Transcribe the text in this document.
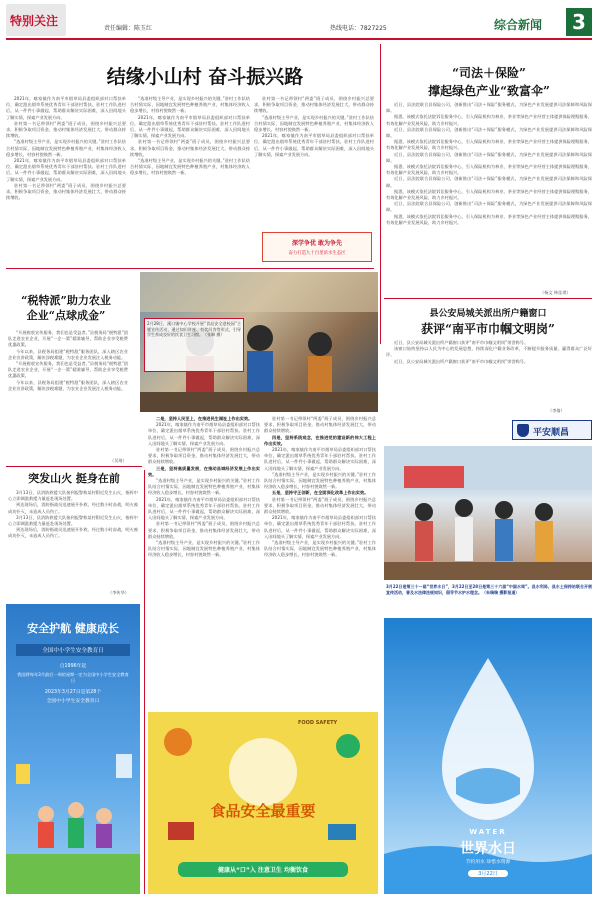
特别关注
责任编辑：陈玉红	热线电话：7827225	综合新闻	3
结缘小山村 奋斗振兴路

2021年，喀家镇作为南平市烟草局县委组织部对口帮扶单位，确定派出烟草系统优秀青年干部驻村帮扶。驻村工作队进村后，从一件件小事做起，帮助群众解决实际困难，深入田间地头了解实情，探索产业发展方向。

驻村第一书记带领村“两委”班子成员，围绕乡村振兴总要求，积极争取项目资金，推动村集体经济发展壮大，带动群众持续增收。

“选准村级主导产业，是实现乡村振兴的关键。”驻村工作队结合村情实际，因地制宜发展特色种植养殖产业，村集体经济收入稳步增长，村容村貌焕然一新。

2021年，喀家镇作为南平市烟草局县委组织部对口帮扶单位，确定派出烟草系统优秀青年干部驻村帮扶。驻村工作队进村后，从一件件小事做起，帮助群众解决实际困难，深入田间地头了解实情，探索产业发展方向。

驻村第一书记带领村“两委”班子成员，围绕乡村振兴总要求，积极争取项目资金，推动村集体经济发展壮大，带动群众持续增收。

“选准村级主导产业，是实现乡村振兴的关键。”驻村工作队结合村情实际，因地制宜发展特色种植养殖产业，村集体经济收入稳步增长，村容村貌焕然一新。

2021年，喀家镇作为南平市烟草局县委组织部对口帮扶单位，确定派出烟草系统优秀青年干部驻村帮扶。驻村工作队进村后，从一件件小事做起，帮助群众解决实际困难，深入田间地头了解实情，探索产业发展方向。

驻村第一书记带领村“两委”班子成员，围绕乡村振兴总要求，积极争取项目资金，推动村集体经济发展壮大，带动群众持续增收。

“选准村级主导产业，是实现乡村振兴的关键。”驻村工作队结合村情实际，因地制宜发展特色种植养殖产业，村集体经济收入稳步增长，村容村貌焕然一新。

驻村第一书记带领村“两委”班子成员，围绕乡村振兴总要求，积极争取项目资金，推动村集体经济发展壮大，带动群众持续增收。

“选准村级主导产业，是实现乡村振兴的关键。”驻村工作队结合村情实际，因地制宜发展特色种植养殖产业，村集体经济收入稳步增长，村容村貌焕然一新。

2021年，喀家镇作为南平市烟草局县委组织部对口帮扶单位，确定派出烟草系统优秀青年干部驻村帮扶。驻村工作队进村后，从一件件小事做起，帮助群众解决实际困难，深入田间地头了解实情，探索产业发展方向。

深学争优 敢为争先
奋力打造九十百里滨水生态区
“司法＋保险”
撑起绿色产业“致富伞”

近日，县法院联合县保险公司，创新推出“司法＋保险”服务模式，为绿色产业发展提供司法保障和风险保障。

据悉，该模式依托法院诉讼服务中心，引入保险机构为林业、茶业等绿色产业经营主体提供保险理赔服务，有效化解产业发展风险，助力乡村振兴。

近日，县法院联合县保险公司，创新推出“司法＋保险”服务模式，为绿色产业发展提供司法保障和风险保障。

据悉，该模式依托法院诉讼服务中心，引入保险机构为林业、茶业等绿色产业经营主体提供保险理赔服务，有效化解产业发展风险，助力乡村振兴。

近日，县法院联合县保险公司，创新推出“司法＋保险”服务模式，为绿色产业发展提供司法保障和风险保障。

据悉，该模式依托法院诉讼服务中心，引入保险机构为林业、茶业等绿色产业经营主体提供保险理赔服务，有效化解产业发展风险，助力乡村振兴。

近日，县法院联合县保险公司，创新推出“司法＋保险”服务模式，为绿色产业发展提供司法保障和风险保障。

据悉，该模式依托法院诉讼服务中心，引入保险机构为林业、茶业等绿色产业经营主体提供保险理赔服务，有效化解产业发展风险，助力乡村振兴。

近日，县法院联合县保险公司，创新推出“司法＋保险”服务模式，为绿色产业发展提供司法保障和风险保障。

据悉，该模式依托法院诉讼服务中心，引入保险机构为林业、茶业等绿色产业经营主体提供保险理赔服务，有效化解产业发展风险，助力乡村振兴。

（杨文 林佳琪）
“税特派”助力农业
企业“点球成金”

“开展税收宣传服务，我们也是受益者。”县税务局“税特派”团队走进农业企业，开展“一企一策”精准辅导，帮助企业享受税费优惠政策。

今年以来，县税务局组建“税特派”服务团队，深入辖区农业企业宣讲政策，解决涉税难题，为农业企业发展注入税务动能。

“开展税收宣传服务，我们也是受益者。”县税务局“税特派”团队走进农业企业，开展“一企一策”精准辅导，帮助企业享受税费优惠政策。

今年以来，县税务局组建“税特派”服务团队，深入辖区农业企业宣讲政策，解决涉税难题，为农业企业发展注入税务动能。

（吴琦）
2月28日，溪口镇中心学校开展“食品安全进校园”主题宣传活动，通过知识讲座、有奖问答等形式，引导学生养成良好的饮食卫生习惯。（张琳 摄）
突发山火 挺身在前

3月13日，县消防救援大队接到报警称某村附近发生山火，指挥中心立即调派救援力量赶赴现场处置。

到达现场后，消防指战员迅速展开扑救，经过数小时奋战，明火被成功扑灭，未造成人员伤亡。

3月13日，县消防救援大队接到报警称某村附近发生山火，指挥中心立即调派救援力量赶赴现场处置。

到达现场后，消防指战员迅速展开扑救，经过数小时奋战，明火被成功扑灭，未造成人员伤亡。

（李传华）
安全护航 健康成长
全国中小学生安全教育日
自1996年起
我国将每年3月最后一周的星期一定为全国中小学生安全教育日
2023年3月27日是第28个
全国中小学生安全教育日

二是，坚持人民至上，在推进民生福祉上作出实效。

2021年，喀家镇作为南平市烟草局县委组织部对口帮扶单位，确定派出烟草系统优秀青年干部驻村帮扶。驻村工作队进村后，从一件件小事做起，帮助群众解决实际困难，深入田间地头了解实情，探索产业发展方向。

驻村第一书记带领村“两委”班子成员，围绕乡村振兴总要求，积极争取项目资金，推动村集体经济发展壮大，带动群众持续增收。

三是，坚持高质量发展，在推动县域经济发展上作出实效。

“选准村级主导产业，是实现乡村振兴的关键。”驻村工作队结合村情实际，因地制宜发展特色种植养殖产业，村集体经济收入稳步增长，村容村貌焕然一新。

2021年，喀家镇作为南平市烟草局县委组织部对口帮扶单位，确定派出烟草系统优秀青年干部驻村帮扶。驻村工作队进村后，从一件件小事做起，帮助群众解决实际困难，深入田间地头了解实情，探索产业发展方向。

驻村第一书记带领村“两委”班子成员，围绕乡村振兴总要求，积极争取项目资金，推动村集体经济发展壮大，带动群众持续增收。

“选准村级主导产业，是实现乡村振兴的关键。”驻村工作队结合村情实际，因地制宜发展特色种植养殖产业，村集体经济收入稳步增长，村容村貌焕然一新。

驻村第一书记带领村“两委”班子成员，围绕乡村振兴总要求，积极争取项目资金，推动村集体经济发展壮大，带动群众持续增收。

四是，坚持系统观念，在推进党的建设新的伟大工程上作出实效。

2021年，喀家镇作为南平市烟草局县委组织部对口帮扶单位，确定派出烟草系统优秀青年干部驻村帮扶。驻村工作队进村后，从一件件小事做起，帮助群众解决实际困难，深入田间地头了解实情，探索产业发展方向。

“选准村级主导产业，是实现乡村振兴的关键。”驻村工作队结合村情实际，因地制宜发展特色种植养殖产业，村集体经济收入稳步增长，村容村貌焕然一新。

五是，坚持守正创新，在全面深化改革上作出实效。

驻村第一书记带领村“两委”班子成员，围绕乡村振兴总要求，积极争取项目资金，推动村集体经济发展壮大，带动群众持续增收。

2021年，喀家镇作为南平市烟草局县委组织部对口帮扶单位，确定派出烟草系统优秀青年干部驻村帮扶。驻村工作队进村后，从一件件小事做起，帮助群众解决实际困难，深入田间地头了解实情，探索产业发展方向。

“选准村级主导产业，是实现乡村振兴的关键。”驻村工作队结合村情实际，因地制宜发展特色种植养殖产业，村集体经济收入稳步增长，村容村貌焕然一新。

FOOD SAFETY
食品安全最重要
健康从“口”入 注意卫生 均衡饮食
县公安局城关派出所户籍窗口
获评“南平市巾帼文明岗”

近日，县公安局城关派出所户籍窗口获评“南平市巾帼文明岗”荣誉称号。

该窗口始终坚持以人民为中心的发展思想，持续深化户籍业务改革，不断提升服务质量，赢得群众广泛好评。

近日，县公安局城关派出所户籍窗口获评“南平市巾帼文明岗”荣誉称号。

（李倩）
平安顺昌
3月22日是第三十一届“世界水日”，3月22日至28日是第三十六届“中国水周”。县水利局、县水土保持站联合开展宣传活动，普及水法律法规知识，倡导节水护水理念。（朱瑞瑞 摄影报道）
WATER
世界水日
节约用水 珍惜水资源
3月22日
